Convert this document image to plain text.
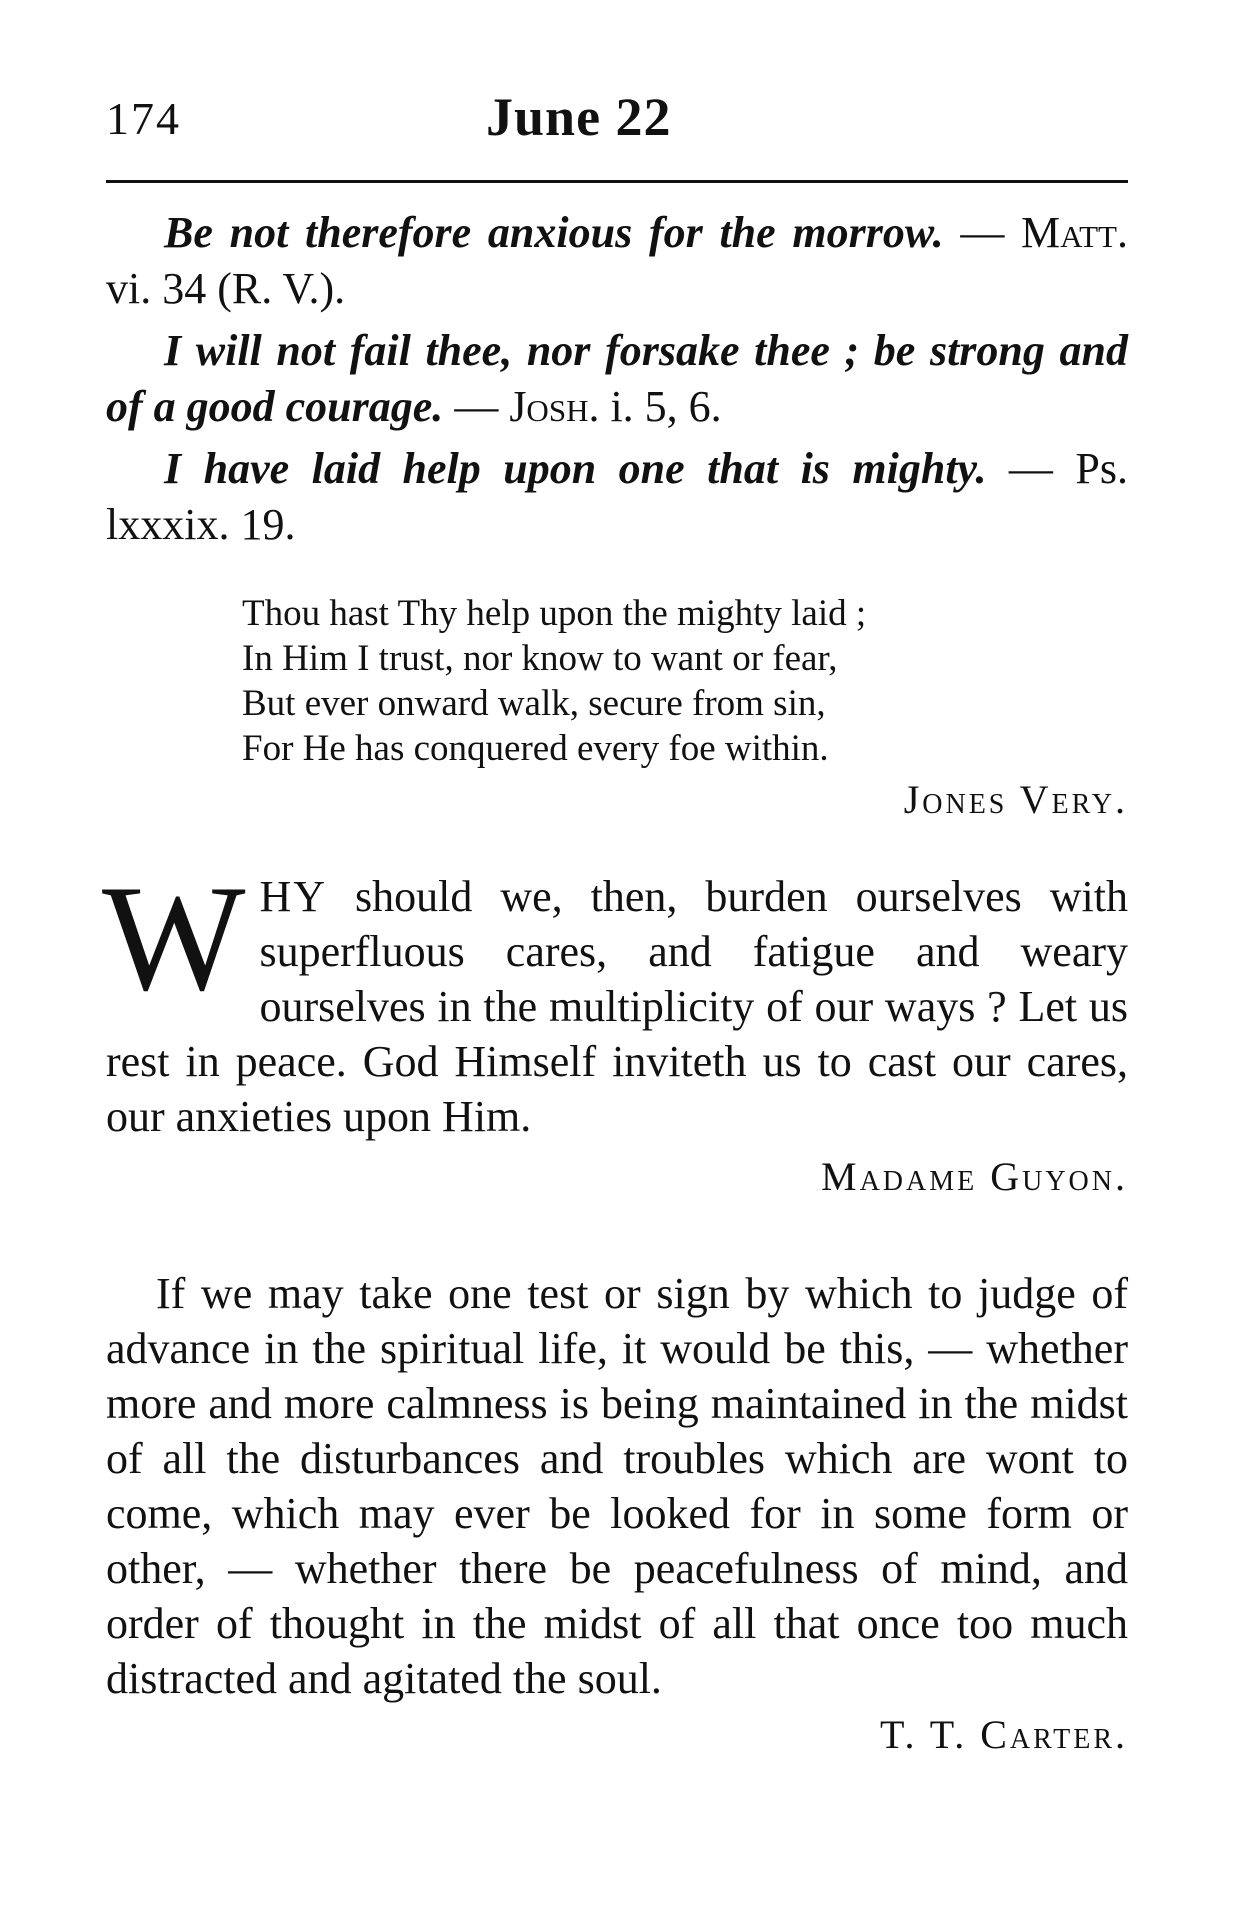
174	June 22

Be not therefore anxious for the morrow. — Matt. vi. 34 (R. V.).

I will not fail thee, nor forsake thee ; be strong and of a good courage. — Josh. i. 5, 6.

I have laid help upon one that is mighty. — Ps. lxxxix. 19.

Thou hast Thy help upon the mighty laid ;
In Him I trust, nor know to want or fear,
But ever onward walk, secure from sin,
For He has conquered every foe within.
Jones Very.
W HY should we, then, burden ourselves with superfluous cares, and fatigue and weary ourselves in the multiplicity of our ways ? Let us rest in peace. God Himself inviteth us to cast our cares, our anxieties upon Him.

Madame Guyon.

If we may take one test or sign by which to judge of advance in the spiritual life, it would be this, — whether more and more calmness is being maintained in the midst of all the disturbances and troubles which are wont to come, which may ever be looked for in some form or other, — whether there be peacefulness of mind, and order of thought in the midst of all that once too much distracted and agitated the soul.

T. T. Carter.
